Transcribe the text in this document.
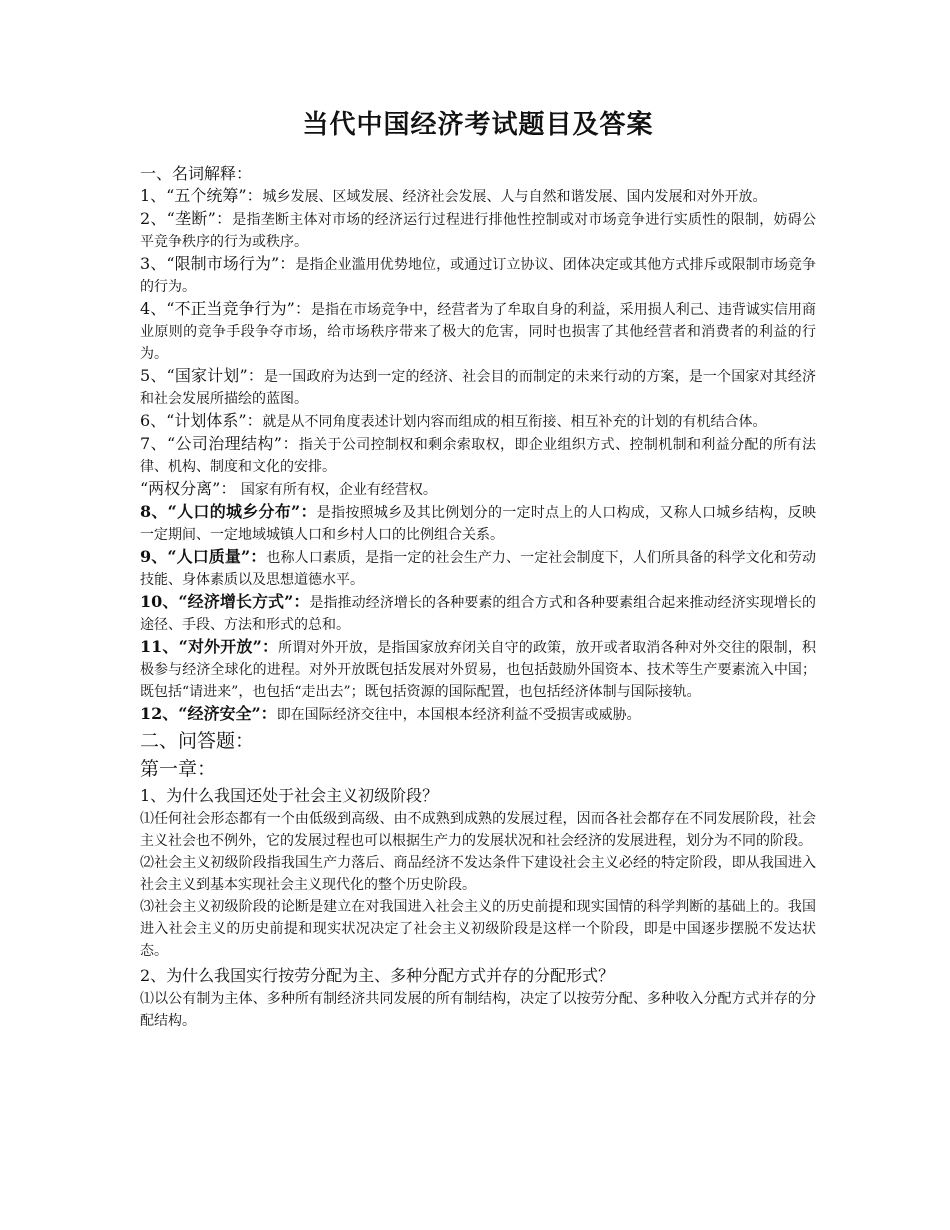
当代中国经济考试题目及答案

一、名词解释：

1、“五个统筹”：城乡发展、区域发展、经济社会发展、人与自然和谐发展、国内发展和对外开放。

2、“垄断”：是指垄断主体对市场的经济运行过程进行排他性控制或对市场竞争进行实质性的限制，妨碍公平竞争秩序的行为或秩序。

3、“限制市场行为”：是指企业滥用优势地位，或通过订立协议、团体决定或其他方式排斥或限制市场竞争的行为。

4、“不正当竞争行为”：是指在市场竞争中，经营者为了牟取自身的利益，采用损人利己、违背诚实信用商业原则的竞争手段争夺市场，给市场秩序带来了极大的危害，同时也损害了其他经营者和消费者的利益的行为。

5、“国家计划”：是一国政府为达到一定的经济、社会目的而制定的未来行动的方案，是一个国家对其经济和社会发展所描绘的蓝图。

6、“计划体系”：就是从不同角度表述计划内容而组成的相互衔接、相互补充的计划的有机结合体。

7、“公司治理结构”：指关于公司控制权和剩余索取权，即企业组织方式、控制机制和利益分配的所有法律、机构、制度和文化的安排。

“两权分离”： 国家有所有权，企业有经营权。

8、“人口的城乡分布”：是指按照城乡及其比例划分的一定时点上的人口构成，又称人口城乡结构，反映一定期间、一定地域城镇人口和乡村人口的比例组合关系。

9、“人口质量”：也称人口素质，是指一定的社会生产力、一定社会制度下，人们所具备的科学文化和劳动技能、身体素质以及思想道德水平。

10、“经济增长方式”：是指推动经济增长的各种要素的组合方式和各种要素组合起来推动经济实现增长的途径、手段、方法和形式的总和。

11、“对外开放”：所谓对外开放，是指国家放弃闭关自守的政策，放开或者取消各种对外交往的限制，积极参与经济全球化的进程。对外开放既包括发展对外贸易，也包括鼓励外国资本、技术等生产要素流入中国；既包括“请进来”，也包括“走出去”；既包括资源的国际配置，也包括经济体制与国际接轨。

12、“经济安全”：即在国际经济交往中，本国根本经济利益不受损害或威胁。

二、问答题：

第一章：

1、为什么我国还处于社会主义初级阶段？

⑴任何社会形态都有一个由低级到高级、由不成熟到成熟的发展过程，因而各社会都存在不同发展阶段，社会主义社会也不例外，它的发展过程也可以根据生产力的发展状况和社会经济的发展进程，划分为不同的阶段。

⑵社会主义初级阶段指我国生产力落后、商品经济不发达条件下建设社会主义必经的特定阶段，即从我国进入社会主义到基本实现社会主义现代化的整个历史阶段。

⑶社会主义初级阶段的论断是建立在对我国进入社会主义的历史前提和现实国情的科学判断的基础上的。我国进入社会主义的历史前提和现实状况决定了社会主义初级阶段是这样一个阶段，即是中国逐步摆脱不发达状态。

2、为什么我国实行按劳分配为主、多种分配方式并存的分配形式？

⑴以公有制为主体、多种所有制经济共同发展的所有制结构，决定了以按劳分配、多种收入分配方式并存的分配结构。
